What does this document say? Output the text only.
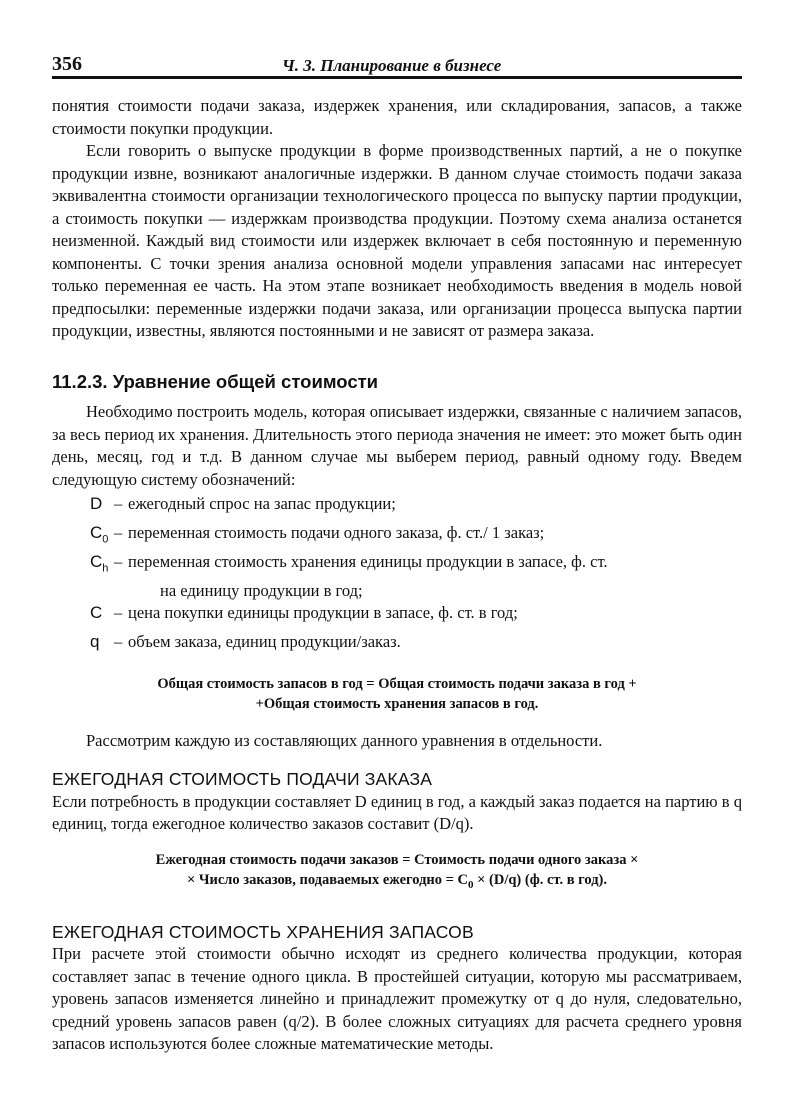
356	Ч. 3. Планирование в бизнесе

понятия стоимости подачи заказа, издержек хранения, или складирования, запасов, а также стоимости покупки продукции.

Если говорить о выпуске продукции в форме производственных партий, а не о покупке продукции извне, возникают аналогичные издержки. В данном случае стоимость подачи заказа эквивалентна стоимости организации технологического процесса по выпуску партии продукции, а стоимость покупки — издержкам производства продукции. Поэтому схема анализа останется неизменной. Каждый вид стоимости или издержек включает в себя постоянную и переменную компоненты. С точки зрения анализа основной модели управления запасами нас интересует только переменная ее часть. На этом этапе возникает необходимость введения в модель новой предпосылки: переменные издержки подачи заказа, или организации процесса выпуска партии продукции, известны, являются постоянными и не зависят от размера заказа.

11.2.3. Уравнение общей стоимости

Необходимо построить модель, которая описывает издержки, связанные с наличием запасов, за весь период их хранения. Длительность этого периода значения не имеет: это может быть один день, месяц, год и т.д. В данном случае мы выберем период, равный одному году. Введем следующую систему обозначений:

D – ежегодный спрос на запас продукции;
$C_0$ – переменная стоимость подачи одного заказа, ф. ст./ 1 заказ;
$C_h$ – переменная стоимость хранения единицы продукции в запасе, ф. ст.
на единицу продукции в год;
C – цена покупки единицы продукции в запасе, ф. ст. в год;
q – объем заказа, единиц продукции/заказ.
Общая стоимость запасов в год = Общая стоимость подачи заказа в год +
+Общая стоимость хранения запасов в год.

Рассмотрим каждую из составляющих данного уравнения в отдельности.

ЕЖЕГОДНАЯ СТОИМОСТЬ ПОДАЧИ ЗАКАЗА

Если потребность в продукции составляет D единиц в год, а каждый заказ подается на партию в q единиц, тогда ежегодное количество заказов составит (D/q).

Ежегодная стоимость подачи заказов = Стоимость подачи одного заказа ×
× Число заказов, подаваемых ежегодно = $C_0 \times (D/q)$ (ф. ст. в год).
ЕЖЕГОДНАЯ СТОИМОСТЬ ХРАНЕНИЯ ЗАПАСОВ

При расчете этой стоимости обычно исходят из среднего количества продукции, которая составляет запас в течение одного цикла. В простейшей ситуации, которую мы рассматриваем, уровень запасов изменяется линейно и принадлежит промежутку от q до нуля, следовательно, средний уровень запасов равен (q/2). В более сложных ситуациях для расчета среднего уровня запасов используются более сложные математические методы.
